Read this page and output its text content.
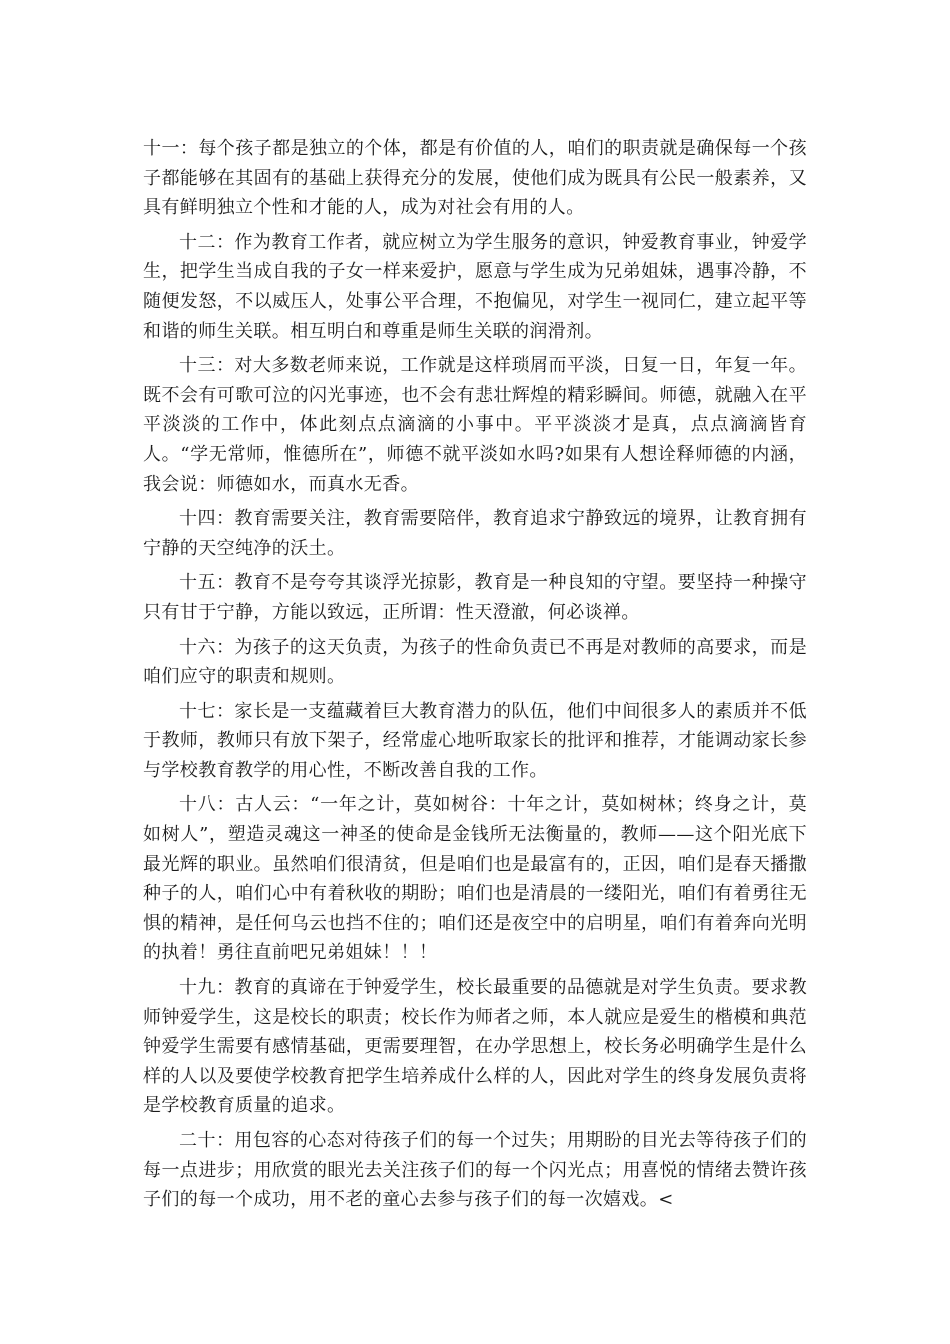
十一：每个孩子都是独立的个体，都是有价值的人，咱们的职责就是确保每一个孩子都能够在其固有的基础上获得充分的发展，使他们成为既具有公民一般素养，又具有鲜明独立个性和才能的人，成为对社会有用的人。

十二：作为教育工作者，就应树立为学生服务的意识，钟爱教育事业，钟爱学生，把学生当成自我的子女一样来爱护，愿意与学生成为兄弟姐妹，遇事冷静，不随便发怒，不以威压人，处事公平合理，不抱偏见，对学生一视同仁，建立起平等和谐的师生关联。相互明白和尊重是师生关联的润滑剂。

十三：对大多数老师来说，工作就是这样琐屑而平淡，日复一日，年复一年。既不会有可歌可泣的闪光事迹，也不会有悲壮辉煌的精彩瞬间。师德，就融入在平平淡淡的工作中，体此刻点点滴滴的小事中。平平淡淡才是真，点点滴滴皆育人。“学无常师，惟德所在”，师德不就平淡如水吗?如果有人想诠释师德的内涵，我会说：师德如水，而真水无香。

十四：教育需要关注，教育需要陪伴，教育追求宁静致远的境界，让教育拥有宁静的天空纯净的沃土。

十五：教育不是夸夸其谈浮光掠影，教育是一种良知的守望。要坚持一种操守只有甘于宁静，方能以致远，正所谓：性天澄澈，何必谈禅。

十六：为孩子的这天负责，为孩子的性命负责已不再是对教师的高要求，而是咱们应守的职责和规则。

十七：家长是一支蕴藏着巨大教育潜力的队伍，他们中间很多人的素质并不低于教师，教师只有放下架子，经常虚心地听取家长的批评和推荐，才能调动家长参与学校教育教学的用心性，不断改善自我的工作。

十八：古人云：“一年之计，莫如树谷：十年之计，莫如树林；终身之计，莫如树人”，塑造灵魂这一神圣的使命是金钱所无法衡量的，教师——这个阳光底下最光辉的职业。虽然咱们很清贫，但是咱们也是最富有的，正因，咱们是春天播撒种子的人，咱们心中有着秋收的期盼；咱们也是清晨的一缕阳光，咱们有着勇往无惧的精神，是任何乌云也挡不住的；咱们还是夜空中的启明星，咱们有着奔向光明的执着！勇往直前吧兄弟姐妹！！！

十九：教育的真谛在于钟爱学生，校长最重要的品德就是对学生负责。要求教师钟爱学生，这是校长的职责；校长作为师者之师，本人就应是爱生的楷模和典范钟爱学生需要有感情基础，更需要理智，在办学思想上，校长务必明确学生是什么样的人以及要使学校教育把学生培养成什么样的人，因此对学生的终身发展负责将是学校教育质量的追求。

二十：用包容的心态对待孩子们的每一个过失；用期盼的目光去等待孩子们的每一点进步；用欣赏的眼光去关注孩子们的每一个闪光点；用喜悦的情绪去赞许孩子们的每一个成功，用不老的童心去参与孩子们的每一次嬉戏。<
